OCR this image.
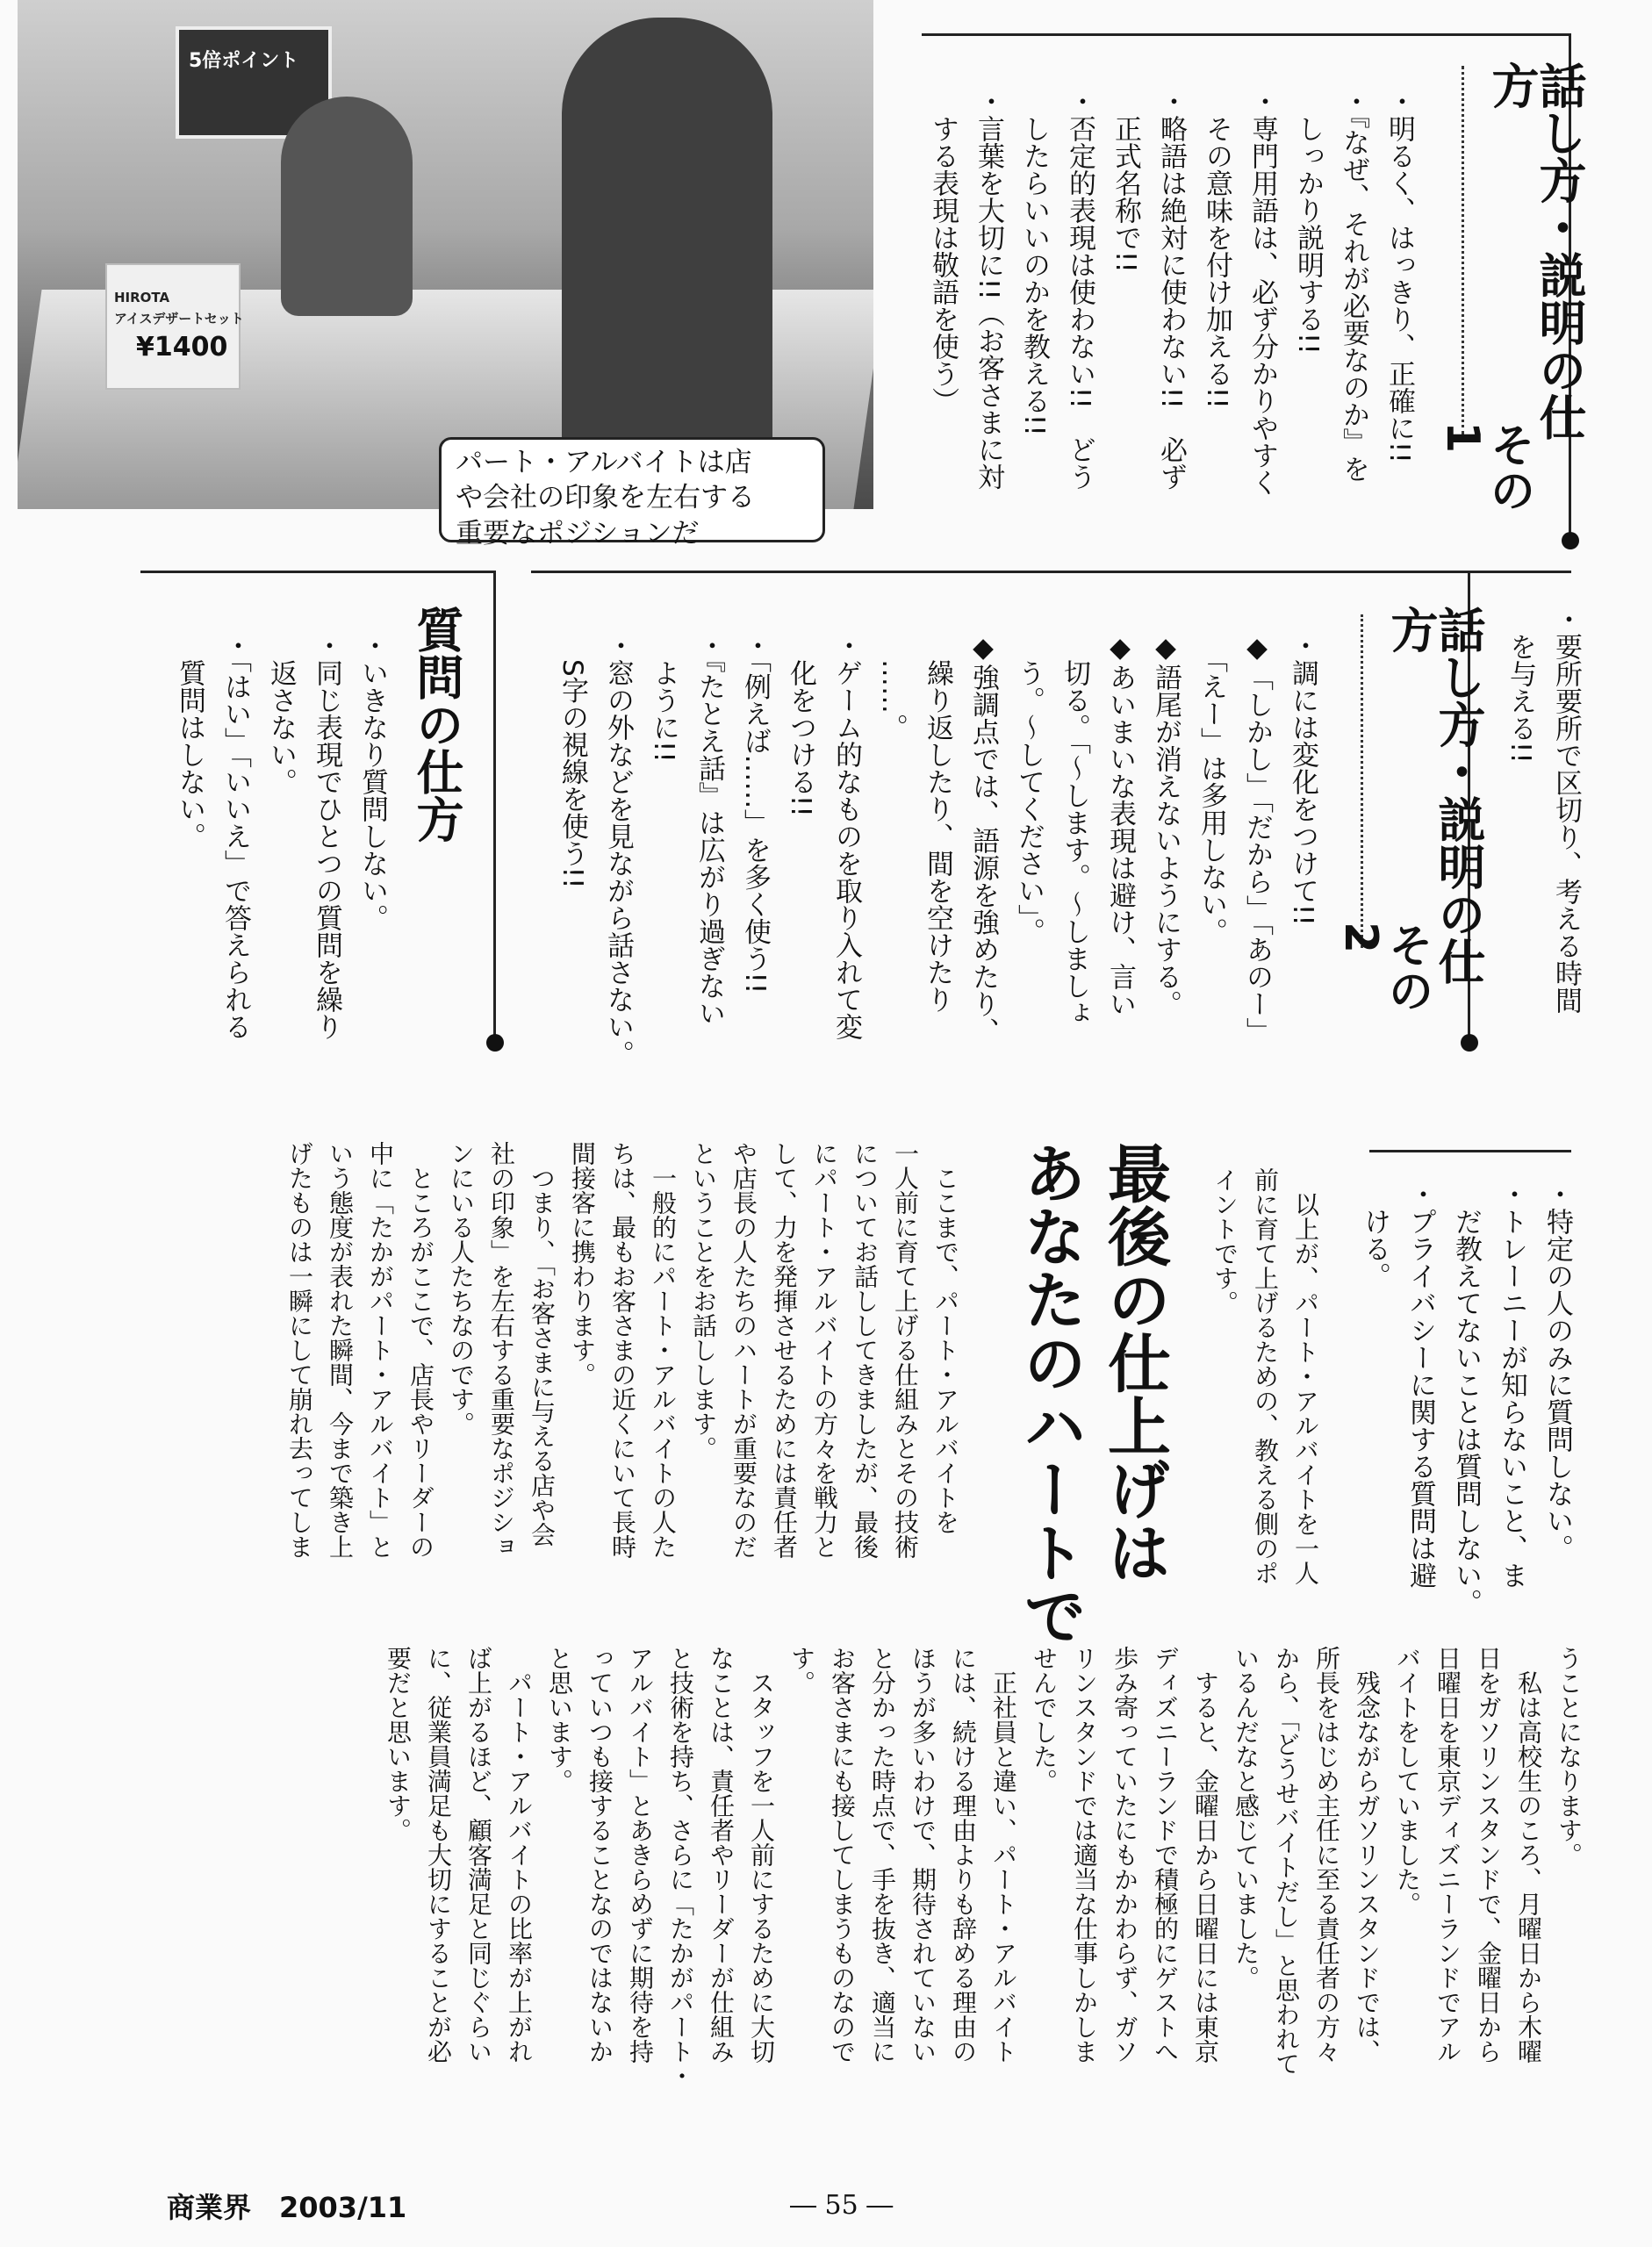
5倍ポイント
HIROTA
アイスデザートセット
¥1400
パート・アルバイトは店
や会社の印象を左右する
重要なポジションだ
話し方・説明の仕方
その1
・明るく、はっきり、正確に!!
・『なぜ、それが必要なのか』を
　しっかり説明する!!
・専門用語は、必ず分かりやすく
　その意味を付け加える!!
・略語は絶対に使わない!!　必ず
　正式名称で!!
・否定的表現は使わない!!　どう
　したらいいのかを教える!!
・言葉を大切に!!（お客さまに対
　する表現は敬語を使う）
・要所要所で区切り、考える時間
　を与える!!
話し方・説明の仕方
その2
・調には変化をつけて!!
◆「しかし」「だから」「あのー」
　「えー」は多用しない。
◆語尾が消えないようにする。
◆あいまいな表現は避け、言い
　切る。「～します。～しましょ
　う。～してください」。
◆強調点では、語源を強めたり、
　繰り返したり、間を空けたり
　……。
・ゲーム的なものを取り入れて変
　化をつける!!
・「例えば……」を多く使う!!
・『たとえ話』は広がり過ぎない
　ように!!
・窓の外などを見ながら話さない。
　S字の視線を使う!!
質問の仕方
・いきなり質問しない。
・同じ表現でひとつの質問を繰り
　返さない。
・「はい」「いいえ」で答えられる
　質問はしない。
・特定の人のみに質問しない。
・トレーニーが知らないこと、ま
　だ教えてないことは質問しない。
・プライバシーに関する質問は避
　ける。
　以上が、パート・アルバイトを一人
前に育て上げるための、教える側のポ
イントです。
最後の仕上げは
あなたのハートで
　ここまで、パート・アルバイトを
一人前に育て上げる仕組みとその技術
についてお話ししてきましたが、最後
にパート・アルバイトの方々を戦力と
して、力を発揮させるためには責任者
や店長の人たちのハートが重要なのだ
ということをお話しします。
　一般的にパート・アルバイトの人た
ちは、最もお客さまの近くにいて長時
間接客に携わります。
　つまり、「お客さまに与える店や会
社の印象」を左右する重要なポジショ
ンにいる人たちなのです。
　ところがここで、店長やリーダーの
中に「たかがパート・アルバイト」と
いう態度が表れた瞬間、今まで築き上
げたものは一瞬にして崩れ去ってしま
うことになります。
　私は高校生のころ、月曜日から木曜
日をガソリンスタンドで、金曜日から
日曜日を東京ディズニーランドでアル
バイトをしていました。
　残念ながらガソリンスタンドでは、
所長をはじめ主任に至る責任者の方々
から、「どうせバイトだし」と思われて
いるんだなと感じていました。
　すると、金曜日から日曜日には東京
ディズニーランドで積極的にゲストへ
歩み寄っていたにもかかわらず、ガソ
リンスタンドでは適当な仕事しかしま
せんでした。
　正社員と違い、パート・アルバイト
には、続ける理由よりも辞める理由の
ほうが多いわけで、期待されていない
と分かった時点で、手を抜き、適当に
お客さまにも接してしまうものなので
す。
　スタッフを一人前にするために大切
なことは、責任者やリーダーが仕組み
と技術を持ち、さらに「たかがパート・
アルバイト」とあきらめずに期待を持
っていつも接することなのではないか
と思います。
　パート・アルバイトの比率が上がれ
ば上がるほど、顧客満足と同じぐらい
に、従業員満足も大切にすることが必
要だと思います。
商業界　2003/11	― 55 ―
